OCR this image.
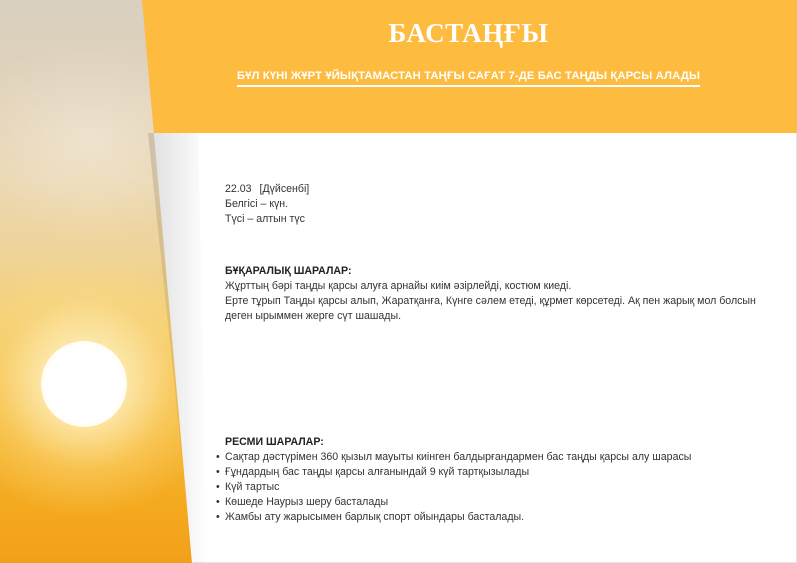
БАСТАҢҒЫ
БҰЛ КҮНІ ЖҰРТ ҰЙЫҚТАМАСТАН ТАҢҒЫ САҒАТ 7-ДЕ БАС ТАҢДЫ ҚАРСЫ АЛАДЫ
22.03 [Дүйсенбі]
Белгісі – күн.
Түсі – алтын түс
БҰҚАРАЛЫҚ ШАРАЛАР:
Жұрттың бәрі таңды қарсы алуға арнайы киім әзірлейді, костюм киеді.
Ерте тұрып Таңды қарсы алып, Жаратқанға, Күнге сәлем етеді, құрмет көрсетеді. Ақ пен жарық мол болсын деген ырыммен жерге сүт шашады.
РЕСМИ ШАРАЛАР:
• Сақтар дәстүрімен 360 қызыл мауыты киінген балдырғандармен бас таңды қарсы алу шарасы
• Ғұндардың бас таңды қарсы алғанындай 9 күй тартқызылады
• Күй тартыс
• Көшеде Наурыз шеру басталады
• Жамбы ату жарысымен барлық спорт ойындары басталады.
